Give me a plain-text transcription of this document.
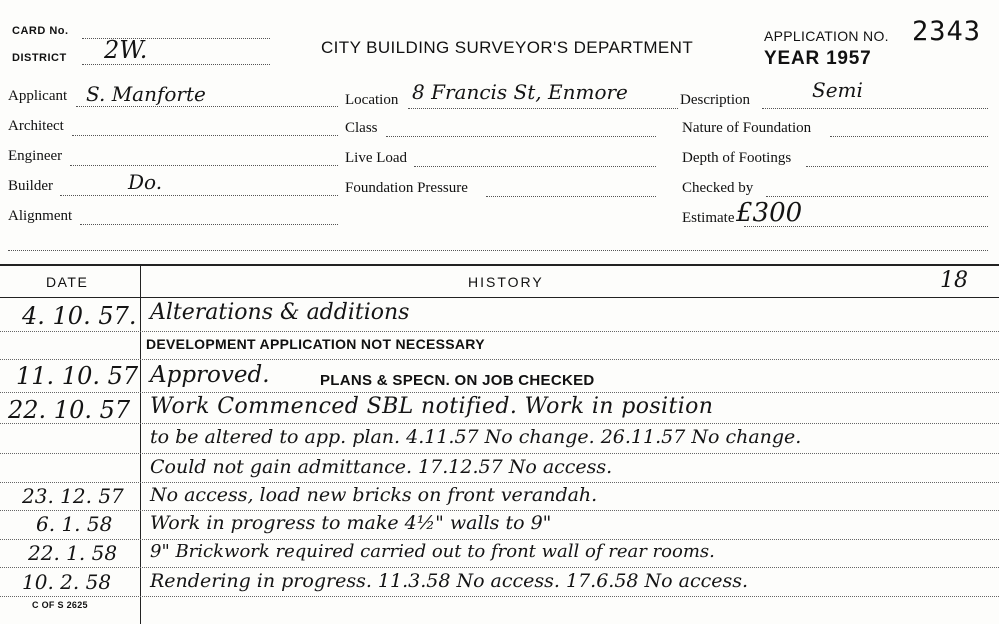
CARD No.
DISTRICT 2W.	CITY BUILDING SURVEYOR'S DEPARTMENT
APPLICATION NO. 2343
YEAR 1957
Applicant S. Manforte
Architect
Engineer
Builder	Do.
Alignment
Location 8 Francis St, Enmore
Class
Live Load
Foundation Pressure
Description	Semi
Nature of Foundation
Depth of Footings
Checked by
Estimate £300
DATE	HISTORY	18
4. 10. 57. Alterations & additions
DEVELOPMENT APPLICATION NOT NECESSARY
11. 10. 57 Approved.	PLANS & SPECN. ON JOB CHECKED
22. 10. 57 Work Commenced SBL notified. Work in position
to be altered to app. plan. 4.11.57 No change. 26.11.57 No change.
Could not gain admittance. 17.12.57 No access.
23. 12. 57 No access, load new bricks on front verandah.
6. 1. 58 Work in progress to make 4½" walls to 9"
22. 1. 58 9" Brickwork required carried out to front wall of rear rooms.
10. 2. 58 Rendering in progress. 11.3.58 No access. 17.6.58 No access.
C OF S 2625
